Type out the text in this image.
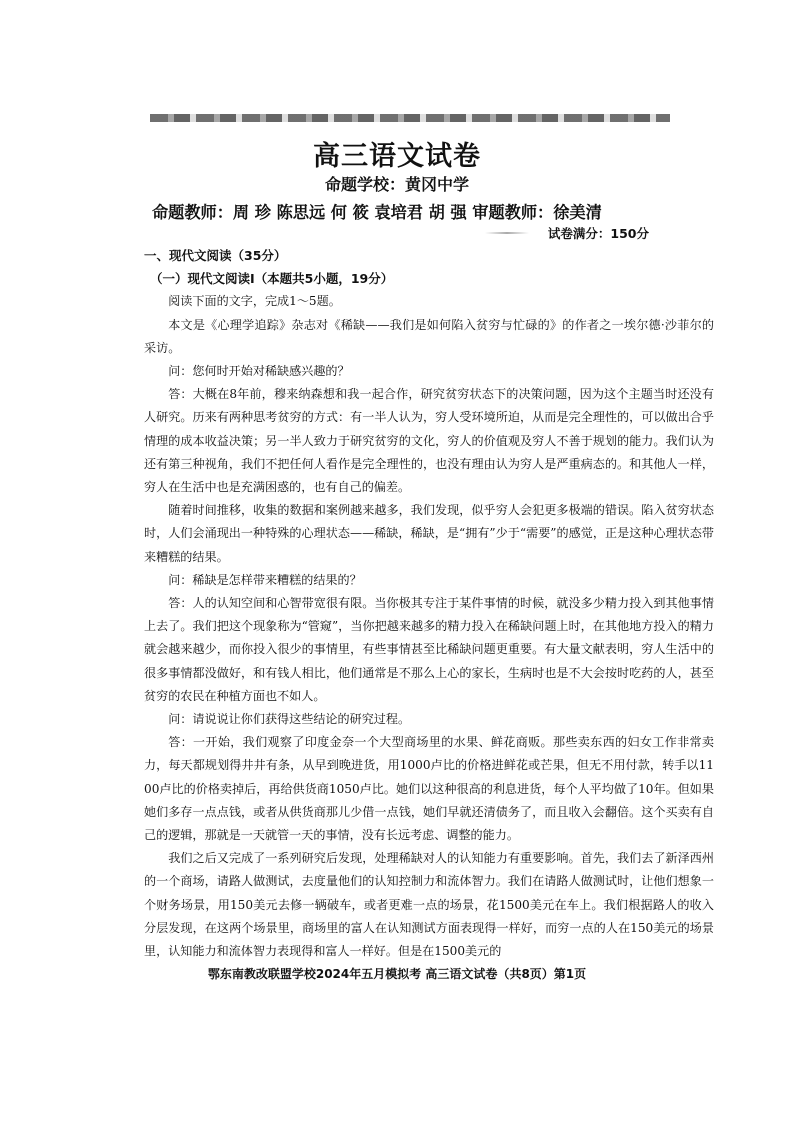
高三语文试卷
命题学校：黄冈中学
命题教师：周 珍 陈思远 何 筱 袁培君 胡 强 审题教师：徐美清
试卷满分：150分
一、现代文阅读（35分）
（一）现代文阅读Ⅰ（本题共5小题，19分）

阅读下面的文字，完成1～5题。

本文是《心理学追踪》杂志对《稀缺——我们是如何陷入贫穷与忙碌的》的作者之一埃尔德·沙菲尔的采访。

问：您何时开始对稀缺感兴趣的？

答：大概在8年前，穆来纳森想和我一起合作，研究贫穷状态下的决策问题，因为这个主题当时还没有人研究。历来有两种思考贫穷的方式：有一半人认为，穷人受环境所迫，从而是完全理性的，可以做出合乎情理的成本收益决策；另一半人致力于研究贫穷的文化，穷人的价值观及穷人不善于规划的能力。我们认为还有第三种视角，我们不把任何人看作是完全理性的，也没有理由认为穷人是严重病态的。和其他人一样，穷人在生活中也是充满困惑的，也有自己的偏差。

随着时间推移，收集的数据和案例越来越多，我们发现，似乎穷人会犯更多极端的错误。陷入贫穷状态时，人们会涌现出一种特殊的心理状态——稀缺，稀缺，是“拥有”少于“需要”的感觉，正是这种心理状态带来糟糕的结果。

问：稀缺是怎样带来糟糕的结果的？

答：人的认知空间和心智带宽很有限。当你极其专注于某件事情的时候，就没多少精力投入到其他事情上去了。我们把这个现象称为“管窥”，当你把越来越多的精力投入在稀缺问题上时，在其他地方投入的精力就会越来越少，而你投入很少的事情里，有些事情甚至比稀缺问题更重要。有大量文献表明，穷人生活中的很多事情都没做好，和有钱人相比，他们通常是不那么上心的家长，生病时也是不大会按时吃药的人，甚至贫穷的农民在种植方面也不如人。

问：请说说让你们获得这些结论的研究过程。

答：一开始，我们观察了印度金奈一个大型商场里的水果、鲜花商贩。那些卖东西的妇女工作非常卖力，每天都规划得井井有条，从早到晚进货，用1000卢比的价格进鲜花或芒果，但无不用付款，转手以1100卢比的价格卖掉后，再给供货商1050卢比。她们以这种很高的利息进货，每个人平均做了10年。但如果她们多存一点点钱，或者从供货商那儿少借一点钱，她们早就还清债务了，而且收入会翻倍。这个买卖有自己的逻辑，那就是一天就管一天的事情，没有长远考虑、调整的能力。

我们之后又完成了一系列研究后发现，处理稀缺对人的认知能力有重要影响。首先，我们去了新泽西州的一个商场，请路人做测试，去度量他们的认知控制力和流体智力。我们在请路人做测试时，让他们想象一个财务场景，用150美元去修一辆破车，或者更难一点的场景，花1500美元在车上。我们根据路人的收入分层发现，在这两个场景里，商场里的富人在认知测试方面表现得一样好，而穷一点的人在150美元的场景里，认知能力和流体智力表现得和富人一样好。但是在1500美元的

鄂东南教改联盟学校2024年五月模拟考 高三语文试卷（共8页）第1页
